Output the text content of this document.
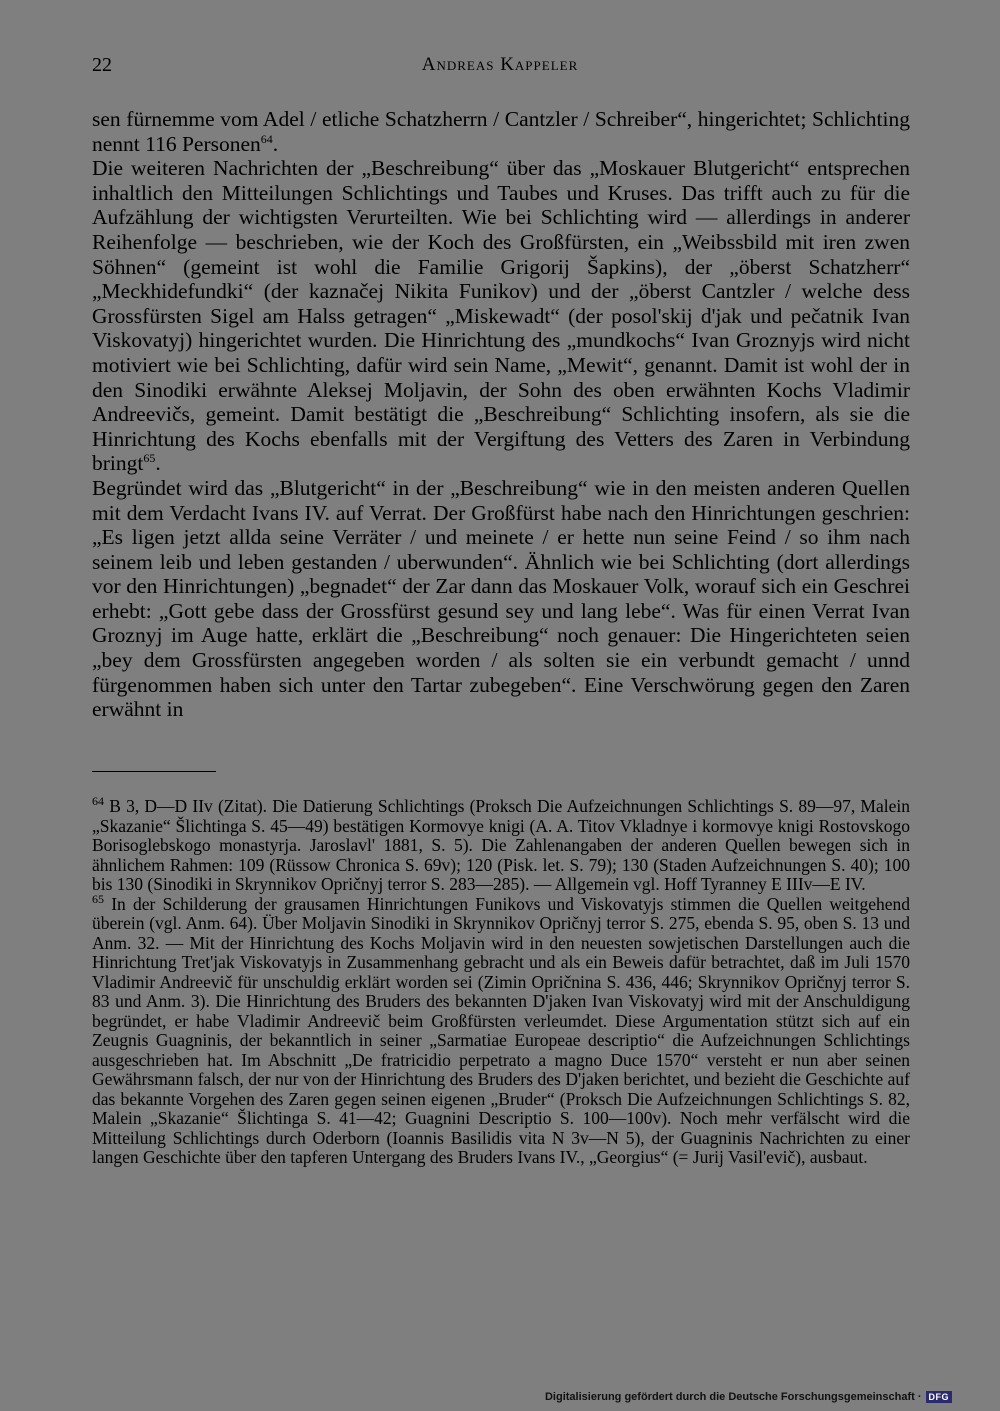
22	Andreas Kappeler

sen fürnemme vom Adel / etliche Schatzherrn / Cantzler / Schreiber“, hingerichtet; Schlichting nennt 116 Personen$^{64}$.

Die weiteren Nachrichten der „Beschreibung“ über das „Moskauer Blutgericht“ entsprechen inhaltlich den Mitteilungen Schlichtings und Taubes und Kruses. Das trifft auch zu für die Aufzählung der wichtigsten Verurteilten. Wie bei Schlichting wird — allerdings in anderer Reihenfolge — beschrieben, wie der Koch des Großfürsten, ein „Weibssbild mit iren zwen Söhnen“ (gemeint ist wohl die Familie Grigorij Šapkins), der „öberst Schatzherr“ „Meckhidefundki“ (der kaznačej Nikita Funikov) und der „öberst Cantzler / welche dess Grossfürsten Sigel am Halss getragen“ „Miskewadt“ (der posol'skij d'jak und pečatnik Ivan Viskovatyj) hingerichtet wurden. Die Hinrichtung des „mundkochs“ Ivan Groznyjs wird nicht motiviert wie bei Schlichting, dafür wird sein Name, „Mewit“, genannt. Damit ist wohl der in den Sinodiki erwähnte Aleksej Moljavin, der Sohn des oben erwähnten Kochs Vladimir Andreevičs, gemeint. Damit bestätigt die „Beschreibung“ Schlichting insofern, als sie die Hinrichtung des Kochs ebenfalls mit der Vergiftung des Vetters des Zaren in Verbindung bringt$^{65}$.

Begründet wird das „Blutgericht“ in der „Beschreibung“ wie in den meisten anderen Quellen mit dem Verdacht Ivans IV. auf Verrat. Der Großfürst habe nach den Hinrichtungen geschrien: „Es ligen jetzt allda seine Verräter / und meinete / er hette nun seine Feind / so ihm nach seinem leib und leben gestanden / uberwunden“. Ähnlich wie bei Schlichting (dort allerdings vor den Hinrichtungen) „begnadet“ der Zar dann das Moskauer Volk, worauf sich ein Geschrei erhebt: „Gott gebe dass der Grossfürst gesund sey und lang lebe“. Was für einen Verrat Ivan Groznyj im Auge hatte, erklärt die „Beschreibung“ noch genauer: Die Hingerichteten seien „bey dem Grossfürsten angegeben worden / als solten sie ein verbundt gemacht / unnd fürgenommen haben sich unter den Tartar zubegeben“. Eine Verschwörung gegen den Zaren erwähnt in

$^{64}$ B 3, D—D IIv (Zitat). Die Datierung Schlichtings (Proksch Die Aufzeichnungen Schlichtings S. 89—97, Malein „Skazanie“ Šlichtinga S. 45—49) bestätigen Kormovye knigi (A. A. Titov Vkladnye i kormovye knigi Rostovskogo Borisoglebskogo monastyrja. Jaroslavl' 1881, S. 5). Die Zahlenangaben der anderen Quellen bewegen sich in ähnlichem Rahmen: 109 (Rüssow Chronica S. 69v); 120 (Pisk. let. S. 79); 130 (Staden Aufzeichnungen S. 40); 100 bis 130 (Sinodiki in Skrynnikov Opričnyj terror S. 283—285). — Allgemein vgl. Hoff Tyranney E IIIv—E IV.

$^{65}$ In der Schilderung der grausamen Hinrichtungen Funikovs und Viskovatyjs stimmen die Quellen weitgehend überein (vgl. Anm. 64). Über Moljavin Sinodiki in Skrynnikov Opričnyj terror S. 275, ebenda S. 95, oben S. 13 und Anm. 32. — Mit der Hinrichtung des Kochs Moljavin wird in den neuesten sowjetischen Darstellungen auch die Hinrichtung Tret'jak Viskovatyjs in Zusammenhang gebracht und als ein Beweis dafür betrachtet, daß im Juli 1570 Vladimir Andreevič für unschuldig erklärt worden sei (Zimin Opričnina S. 436, 446; Skrynnikov Opričnyj terror S. 83 und Anm. 3). Die Hinrichtung des Bruders des bekannten D'jaken Ivan Viskovatyj wird mit der Anschuldigung begründet, er habe Vladimir Andreevič beim Großfürsten verleumdet. Diese Argumentation stützt sich auf ein Zeugnis Guagninis, der bekanntlich in seiner „Sarmatiae Europeae descriptio“ die Aufzeichnungen Schlichtings ausgeschrieben hat. Im Abschnitt „De fratricidio perpetrato a magno Duce 1570“ versteht er nun aber seinen Gewährsmann falsch, der nur von der Hinrichtung des Bruders des D'jaken berichtet, und bezieht die Geschichte auf das bekannte Vorgehen des Zaren gegen seinen eigenen „Bruder“ (Proksch Die Aufzeichnungen Schlichtings S. 82, Malein „Skazanie“ Šlichtinga S. 41—42; Guagnini Descriptio S. 100—100v). Noch mehr verfälscht wird die Mitteilung Schlichtings durch Oderborn (Ioannis Basilidis vita N 3v—N 5), der Guagninis Nachrichten zu einer langen Geschichte über den tapferen Untergang des Bruders Ivans IV., „Georgius“ (= Jurij Vasil'evič), ausbaut.

Digitalisierung gefördert durch die Deutsche Forschungsgemeinschaft · DFG
